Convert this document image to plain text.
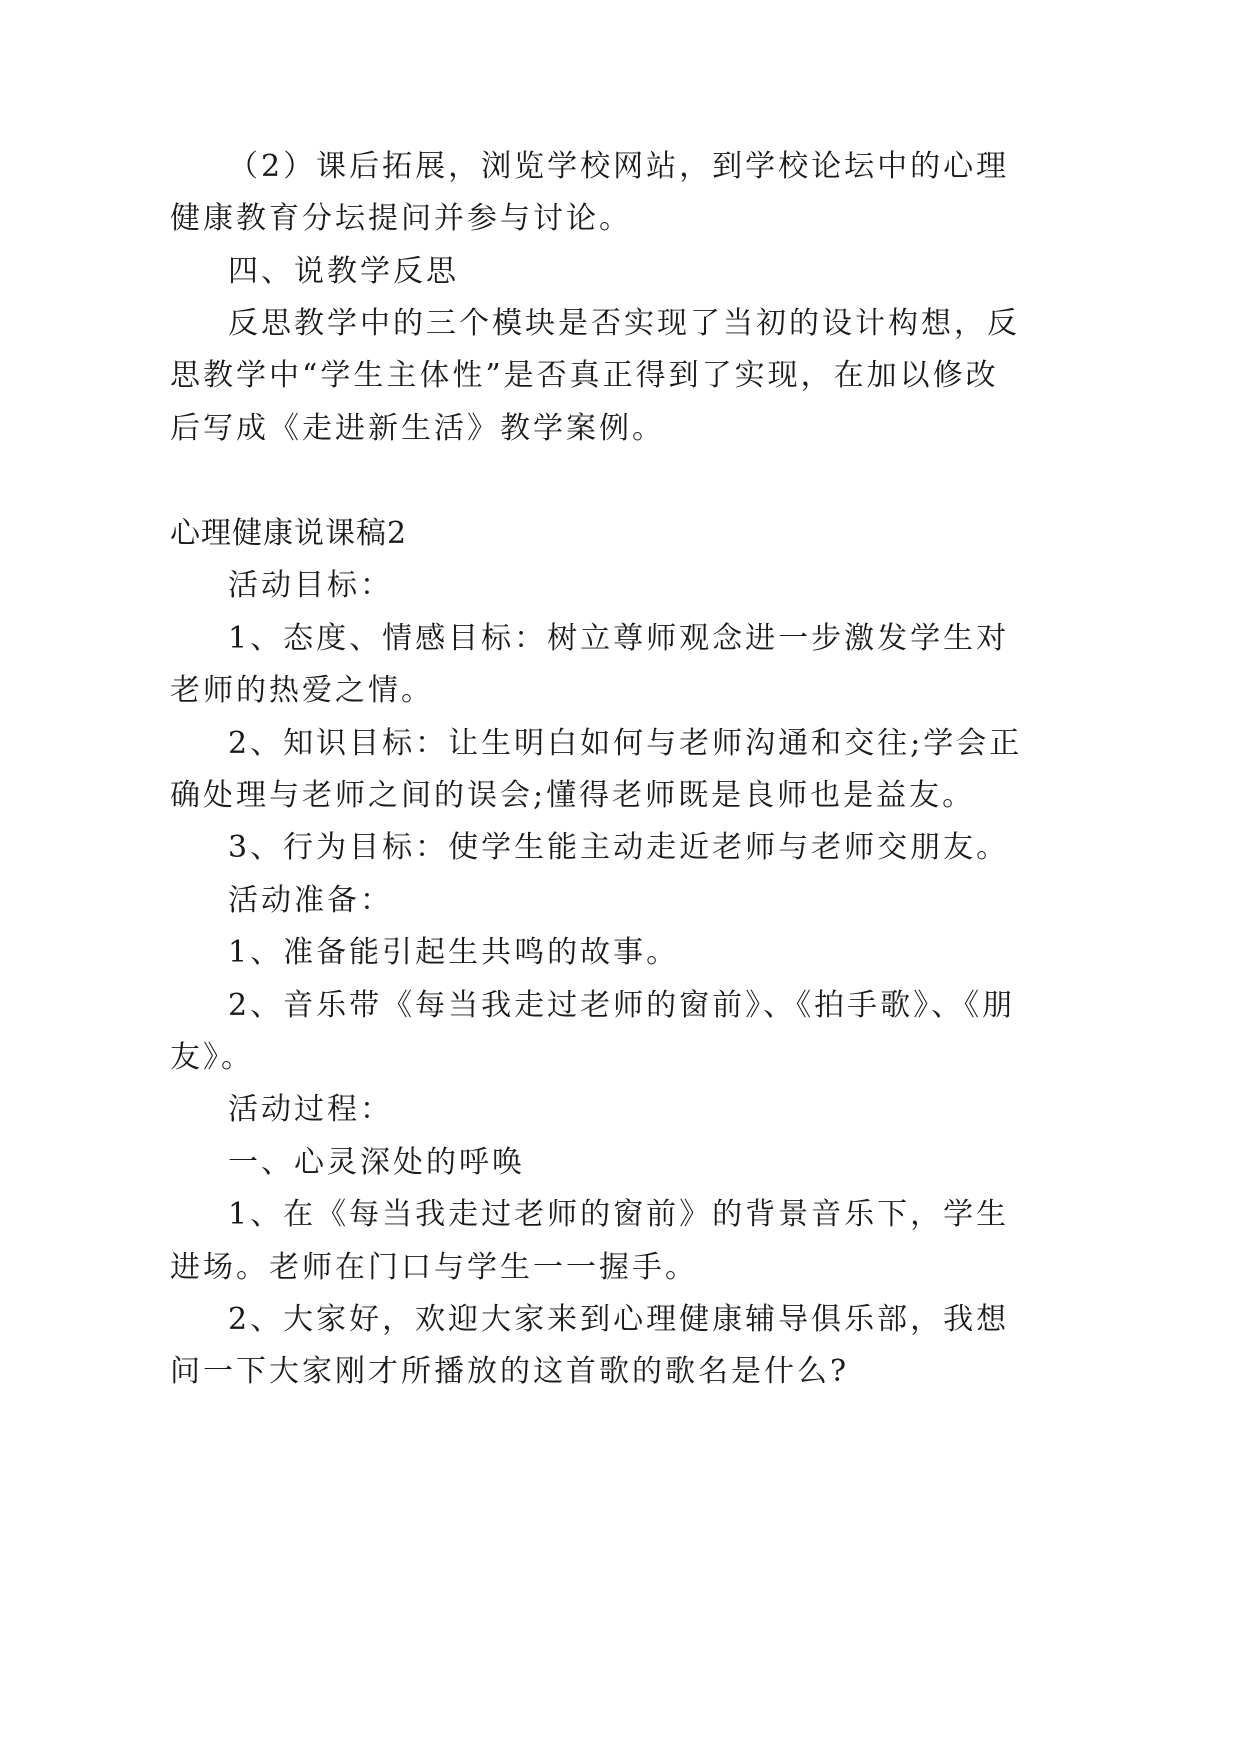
（2）课后拓展，浏览学校网站，到学校论坛中的心理
健康教育分坛提问并参与讨论。
四、说教学反思
反思教学中的三个模块是否实现了当初的设计构想，反
思教学中“学生主体性”是否真正得到了实现，在加以修改
后写成《走进新生活》教学案例。
心理健康说课稿2
活动目标：
1、态度、情感目标：树立尊师观念进一步激发学生对
老师的热爱之情。
2、知识目标：让生明白如何与老师沟通和交往;学会正
确处理与老师之间的误会;懂得老师既是良师也是益友。
3、行为目标：使学生能主动走近老师与老师交朋友。
活动准备：
1、准备能引起生共鸣的故事。
2、音乐带《每当我走过老师的窗前》、《拍手歌》、《朋
友》。
活动过程：
一、心灵深处的呼唤
1、在《每当我走过老师的窗前》的背景音乐下，学生
进场。老师在门口与学生一一握手。
2、大家好，欢迎大家来到心理健康辅导俱乐部，我想
问一下大家刚才所播放的这首歌的歌名是什么?
